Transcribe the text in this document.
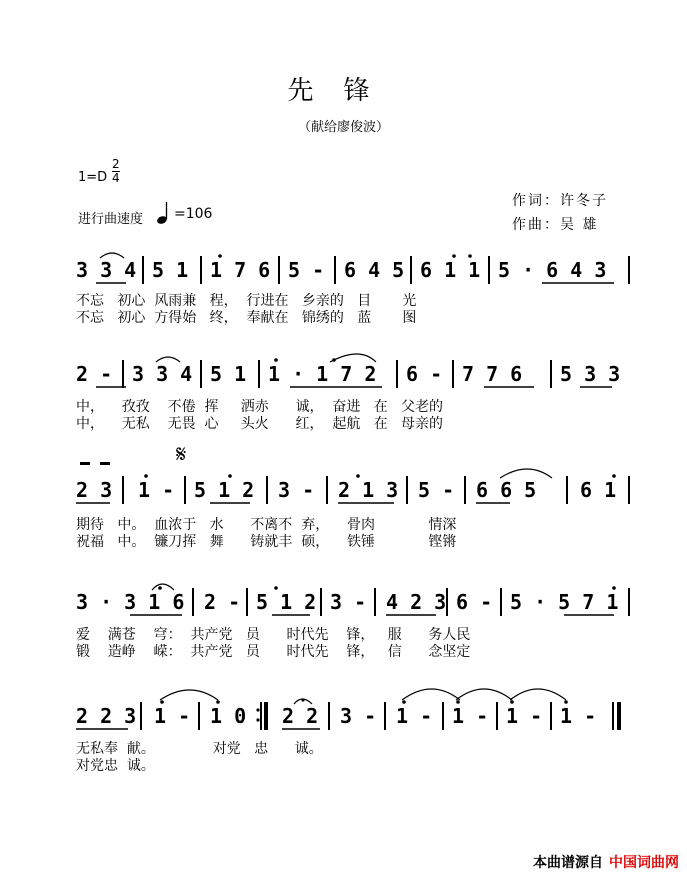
先锋
（献给廖俊波）
$1=D \frac{2}{4}$
进行曲速度 =106
作词：许冬子
作曲：吴 雄
3 3 4 5 1 1 7 6 5 - 6 4 5 6 1 1 5 · 6 4 3
不忘   初心  风雨兼   程，  行进在   乡亲的   目       光
不忘   初心  方得始   终，  奉献在   锦绣的   蓝       图
2 - 3 3 4 5 1 1 · 1 7 2 6 - 7 7 6 5 3 3
中，    孜孜    不倦  挥     洒赤      诚，  奋进   在   父老的
中，    无私    无畏  心     头火      红，  起航   在   母亲的
2 3 1 - 5 1 2 3 - 2 1 3 5 - 6 6 5 6 1
期待   中。  血浓于   水      不离不  弃，    骨肉            情深
祝福   中。  镰刀挥   舞      铸就丰  硕，    铁锤            铿锵
3 · 3 1 6 2 - 5 1 2 3 - 4 2 3 6 - 5 · 5 7 1
爱    满苍    穹：  共产党   员      时代先    锋，   服      务人民
锻    造峥    嵘：  共产党   员      时代先    锋，   信      念坚定
2 2 3 1 - 1 0 2 2 3 - 1 - 1 - 1 - 1 -
无私奉  献。             对党   忠      诚。
对党忠  诚。
𝄋
本曲谱源自 中国词曲网
